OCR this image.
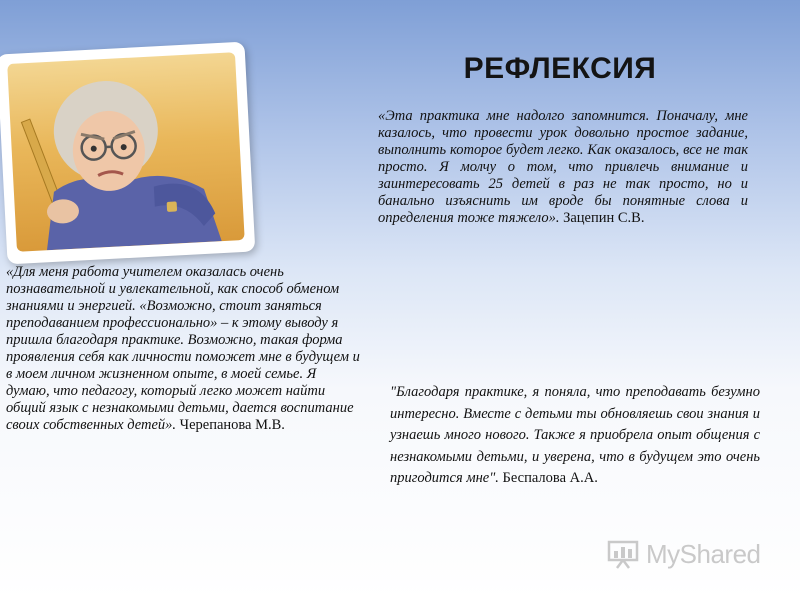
РЕФЛЕКСИЯ
«Эта практика мне надолго запомнится. Поначалу, мне казалось, что провести урок довольно простое задание, выполнить которое будет легко. Как оказалось, все не так просто. Я молчу о том, что привлечь внимание и заинтересовать 25 детей в раз не так просто, но и банально изъяснить им вроде бы понятные слова и определения тоже тяжело». Зацепин С.В.
«Для меня работа учителем оказалась очень познавательной и увлекательной, как способ обменом знаниями и энергией. «Возможно, стоит заняться преподаванием профессионально» – к этому выводу я пришла благодаря практике. Возможно, такая форма проявления себя как личности поможет мне в будущем и в моем личном жизненном опыте, в моей семье. Я думаю, что педагогу, который легко может найти общий язык с незнакомыми детьми, дается воспитание своих собственных детей». Черепанова М.В.
"Благодаря практике, я поняла, что преподавать безумно интересно. Вместе с детьми ты обновляешь свои знания и узнаешь много нового. Также я приобрела опыт общения с незнакомыми детьми, и уверена, что в будущем это очень пригодится мне". Беспалова А.А.
MyShared
